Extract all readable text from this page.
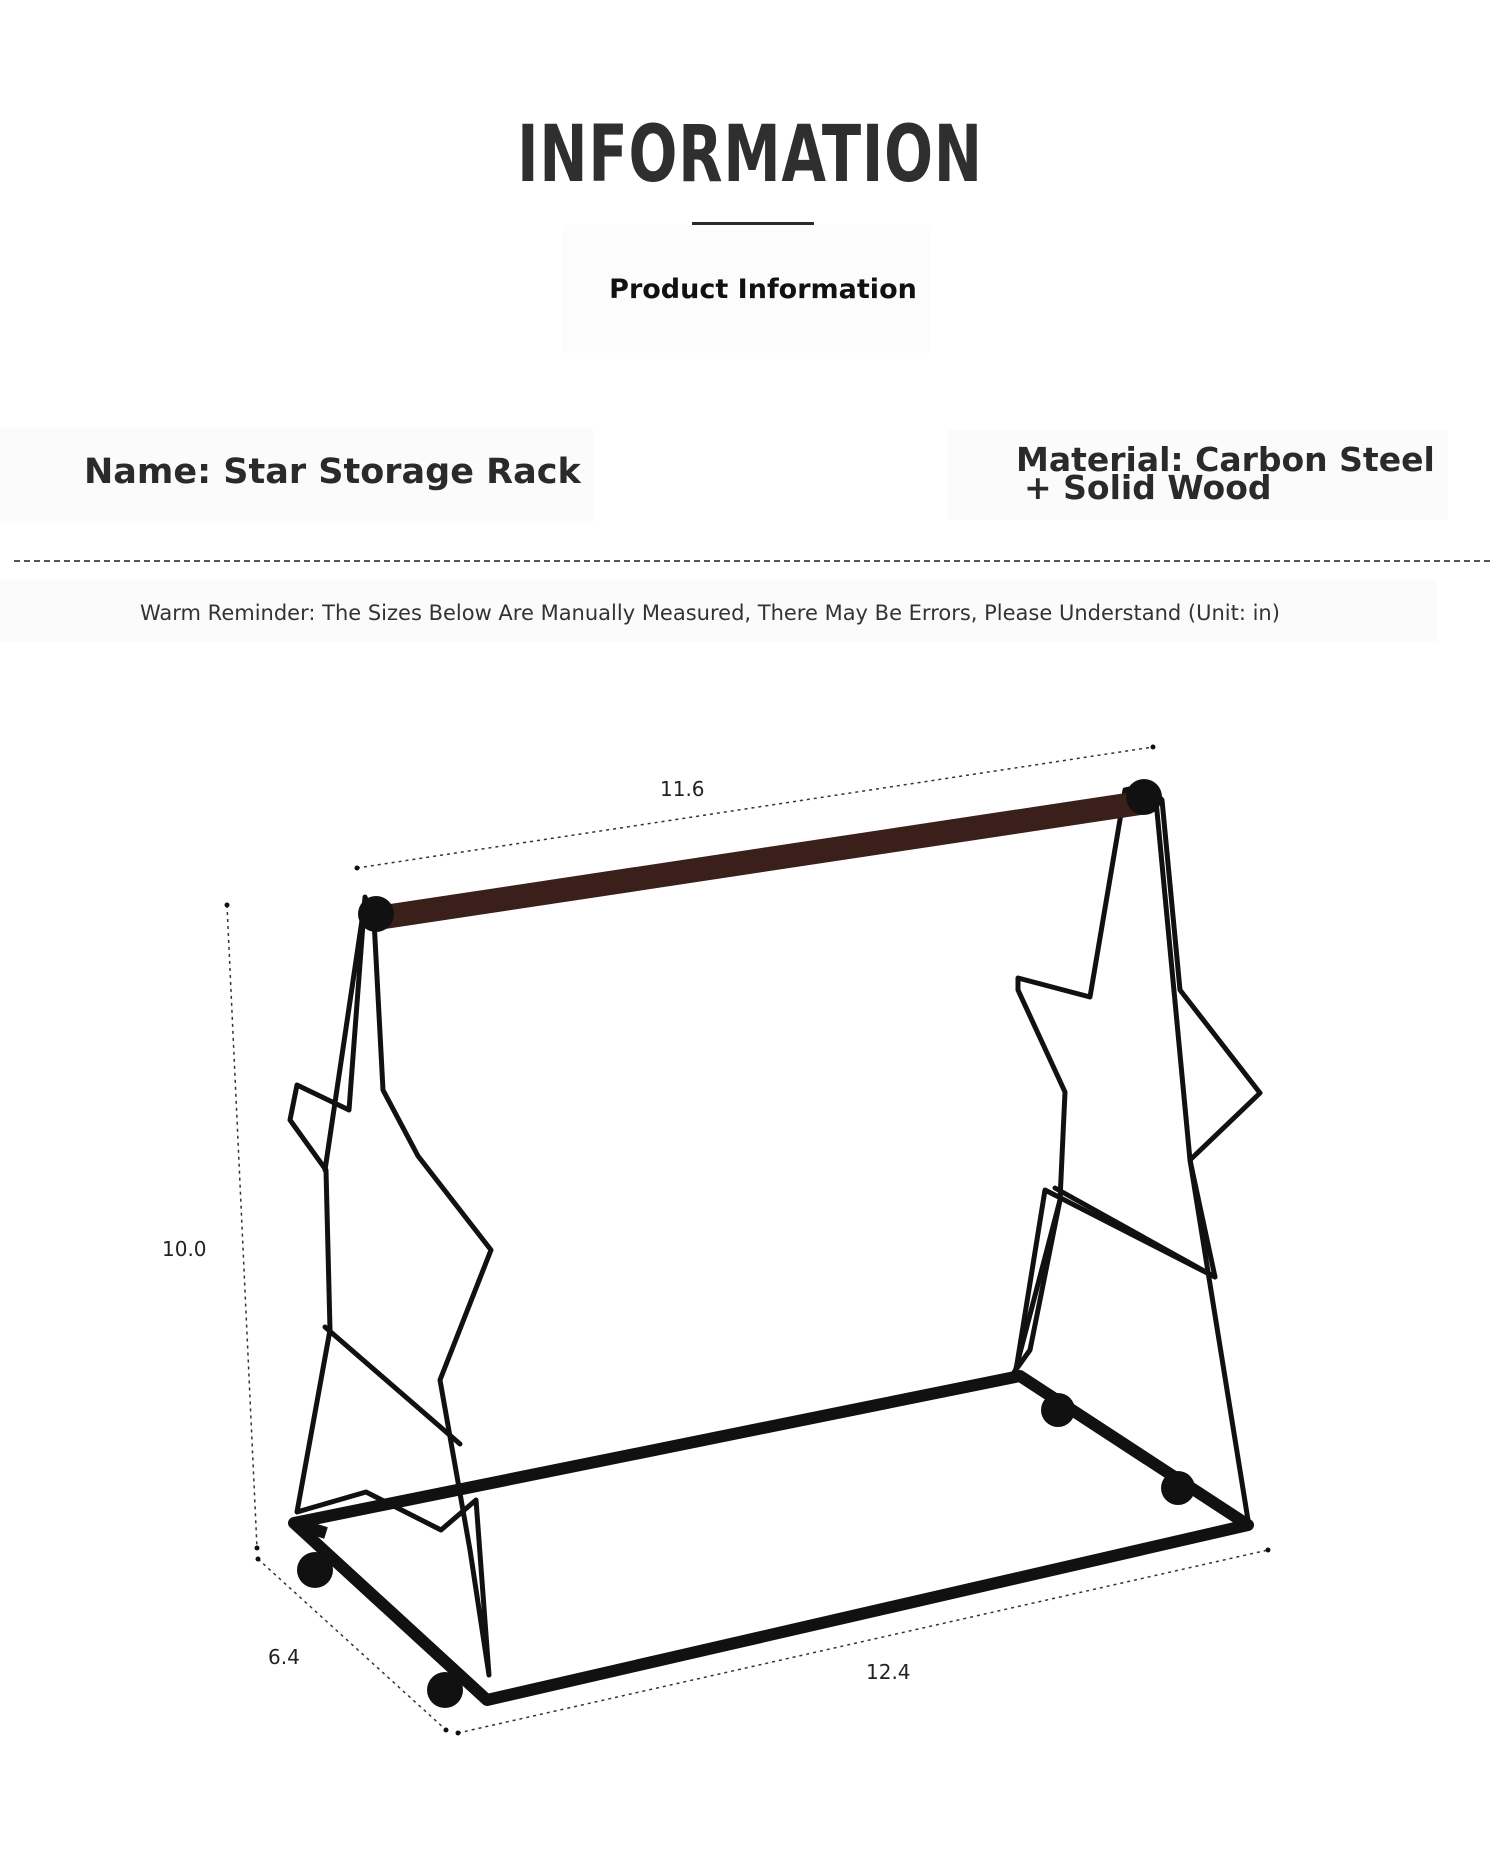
INFORMATION
Product Information
Name: Star Storage Rack	Material: Carbon Steel
+ Solid Wood
Warm Reminder: The Sizes Below Are Manually Measured, There May Be Errors, Please Understand (Unit: in)
11.6
10.0
6.4
12.4
